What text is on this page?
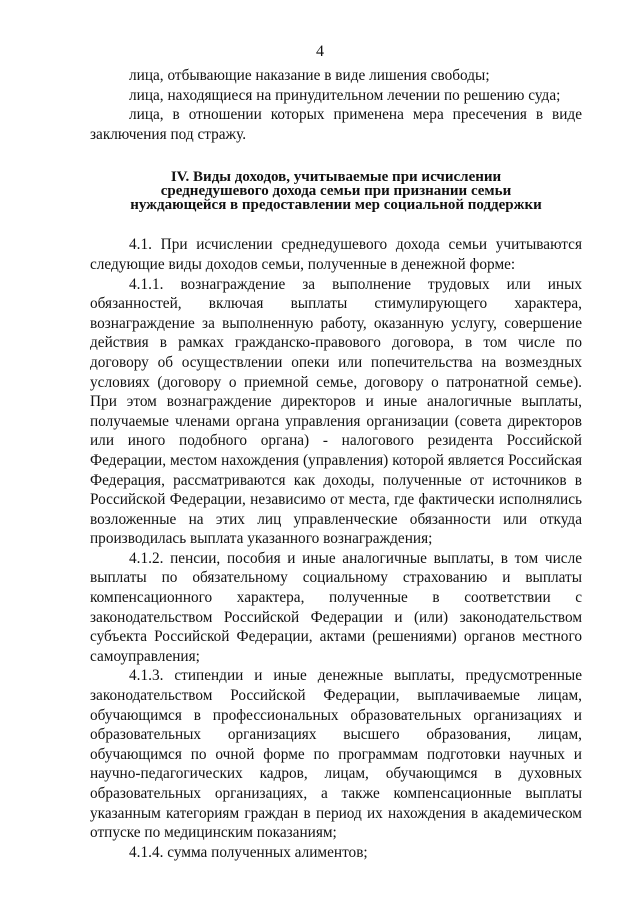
4

лица, отбывающие наказание в виде лишения свободы;

лица, находящиеся на принудительном лечении по решению суда;

лица, в отношении которых применена мера пресечения в виде заключения под стражу.

IV. Виды доходов, учитываемые при исчислении
среднедушевого дохода семьи при признании семьи
нуждающейся в предоставлении мер социальной поддержки

4.1. При исчислении среднедушевого дохода семьи учитываются следующие виды доходов семьи, полученные в денежной форме:

4.1.1. вознаграждение за выполнение трудовых или иных обязанностей, включая выплаты стимулирующего характера, вознаграждение за выполненную работу, оказанную услугу, совершение действия в рамках гражданско-правового договора, в том числе по договору об осуществлении опеки или попечительства на возмездных условиях (договору о приемной семье, договору о патронатной семье). При этом вознаграждение директоров и иные аналогичные выплаты, получаемые членами органа управления организации (совета директоров или иного подобного органа) - налогового резидента Российской Федерации, местом нахождения (управления) которой является Российская Федерация, рассматриваются как доходы, полученные от источников в Российской Федерации, независимо от места, где фактически исполнялись возложенные на этих лиц управленческие обязанности или откуда производилась выплата указанного вознаграждения;

4.1.2. пенсии, пособия и иные аналогичные выплаты, в том числе выплаты по обязательному социальному страхованию и выплаты компенсационного характера, полученные в соответствии с законодательством Российской Федерации и (или) законодательством субъекта Российской Федерации, актами (решениями) органов местного самоуправления;

4.1.3. стипендии и иные денежные выплаты, предусмотренные законодательством Российской Федерации, выплачиваемые лицам, обучающимся в профессиональных образовательных организациях и образовательных организациях высшего образования, лицам, обучающимся по очной форме по программам подготовки научных и научно-педагогических кадров, лицам, обучающимся в духовных образовательных организациях, а также компенсационные выплаты указанным категориям граждан в период их нахождения в академическом отпуске по медицинским показаниям;

4.1.4. сумма полученных алиментов;
